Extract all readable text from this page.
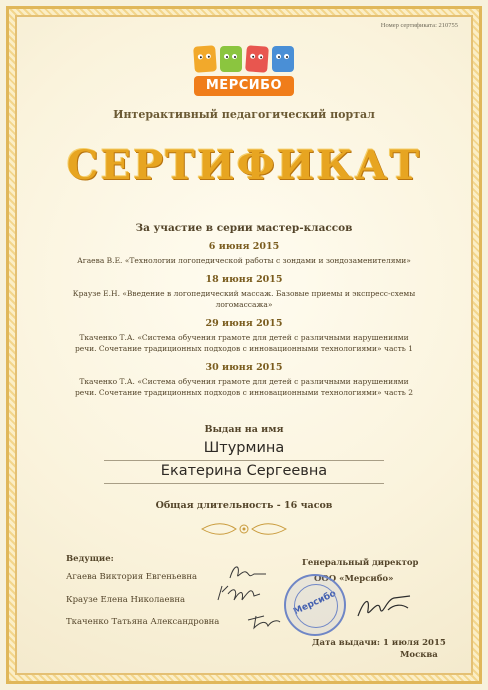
Номер сертификата: 210755
МЕРСИБО
Интерактивный педагогический портал
СЕРТИФИКАТ
За участие в серии мастер-классов
6 июня 2015
Агаева В.Е. «Технологии логопедической работы с зондами и зондозаменителями»
18 июня 2015
Краузе Е.Н. «Введение в логопедический массаж. Базовые приемы и экспресс-схемы
логомассажа»
29 июня 2015
Ткаченко Т.А. «Система обучения грамоте для детей с различными нарушениями
речи. Сочетание традиционных подходов с инновационными технологиями» часть 1
30 июня 2015
Ткаченко Т.А. «Система обучения грамоте для детей с различными нарушениями
речи. Сочетание традиционных подходов с инновационными технологиями» часть 2
Выдан на имя
Штурмина
Екатерина Сергеевна
Общая длительность - 16 часов
Ведущие:
Агаева Виктория Евгеньевна
Краузе Елена Николаевна
Ткаченко Татьяна Александровна
Генеральный директор
ООО «Мерсибо»
Мерсибо
Дата выдачи: 1 июля 2015
Москва
